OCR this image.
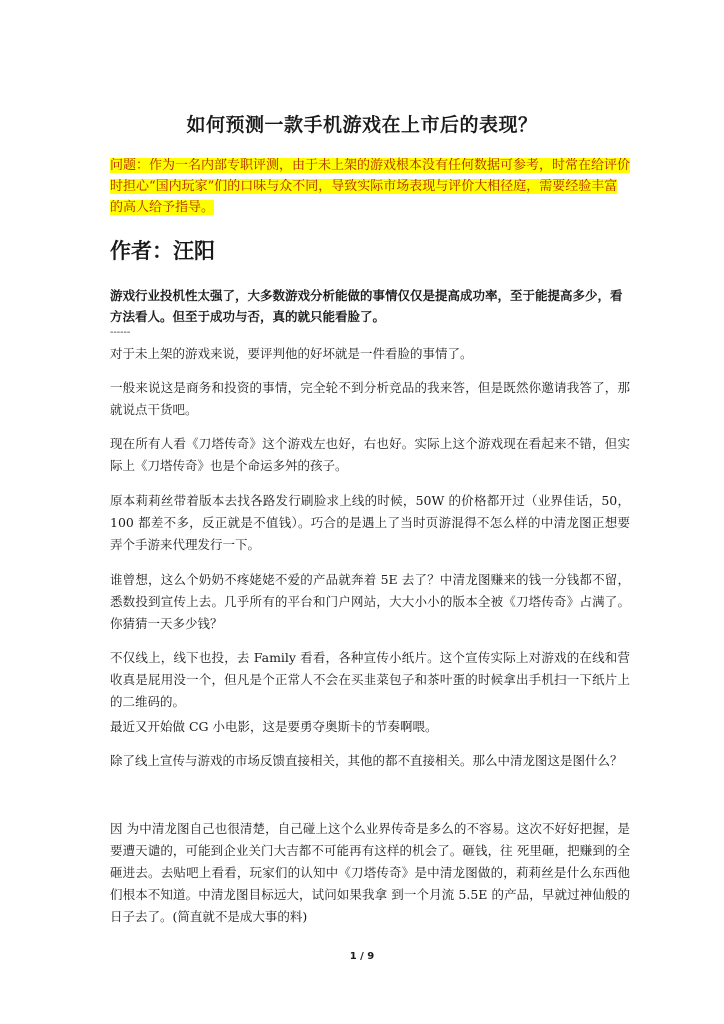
如何预测一款手机游戏在上市后的表现？
问题：作为一名内部专职评测，由于未上架的游戏根本没有任何数据可参考，时常在给评价时担心“国内玩家”们的口味与众不同，导致实际市场表现与评价大相径庭，需要经验丰富的高人给予指导。
作者：汪阳
游戏行业投机性太强了，大多数游戏分析能做的事情仅仅是提高成功率，至于能提高多少，看方法看人。但至于成功与否，真的就只能看脸了。
------
对于未上架的游戏来说，要评判他的好坏就是一件看脸的事情了。
一般来说这是商务和投资的事情，完全轮不到分析竞品的我来答，但是既然你邀请我答了，那就说点干货吧。
现在所有人看《刀塔传奇》这个游戏左也好，右也好。实际上这个游戏现在看起来不错，但实际上《刀塔传奇》也是个命运多舛的孩子。
原本莉莉丝带着版本去找各路发行刷脸求上线的时候，50W 的价格都开过（业界佳话，50，100 都差不多，反正就是不值钱）。巧合的是遇上了当时页游混得不怎么样的中清龙图正想要弄个手游来代理发行一下。
谁曾想，这么个奶奶不疼姥姥不爱的产品就奔着 5E 去了？中清龙图赚来的钱一分钱都不留，悉数投到宣传上去。几乎所有的平台和门户网站，大大小小的版本全被《刀塔传奇》占满了。你猜猜一天多少钱？
不仅线上，线下也投，去 Family 看看，各种宣传小纸片。这个宣传实际上对游戏的在线和营收真是屁用没一个，但凡是个正常人不会在买韭菜包子和茶叶蛋的时候拿出手机扫一下纸片上的二维码的。
最近又开始做 CG 小电影，这是要勇夺奥斯卡的节奏啊喂。
除了线上宣传与游戏的市场反馈直接相关，其他的都不直接相关。那么中清龙图这是图什么？
因 为中清龙图自己也很清楚，自己碰上这个么业界传奇是多么的不容易。这次不好好把握，是要遭天谴的，可能到企业关门大吉都不可能再有这样的机会了。砸钱，往 死里砸，把赚到的全砸进去。去贴吧上看看，玩家们的认知中《刀塔传奇》是中清龙图做的，莉莉丝是什么东西他们根本不知道。中清龙图目标远大，试问如果我拿 到一个月流 5.5E 的产品，早就过神仙般的日子去了。(简直就不是成大事的料)
1 / 9
